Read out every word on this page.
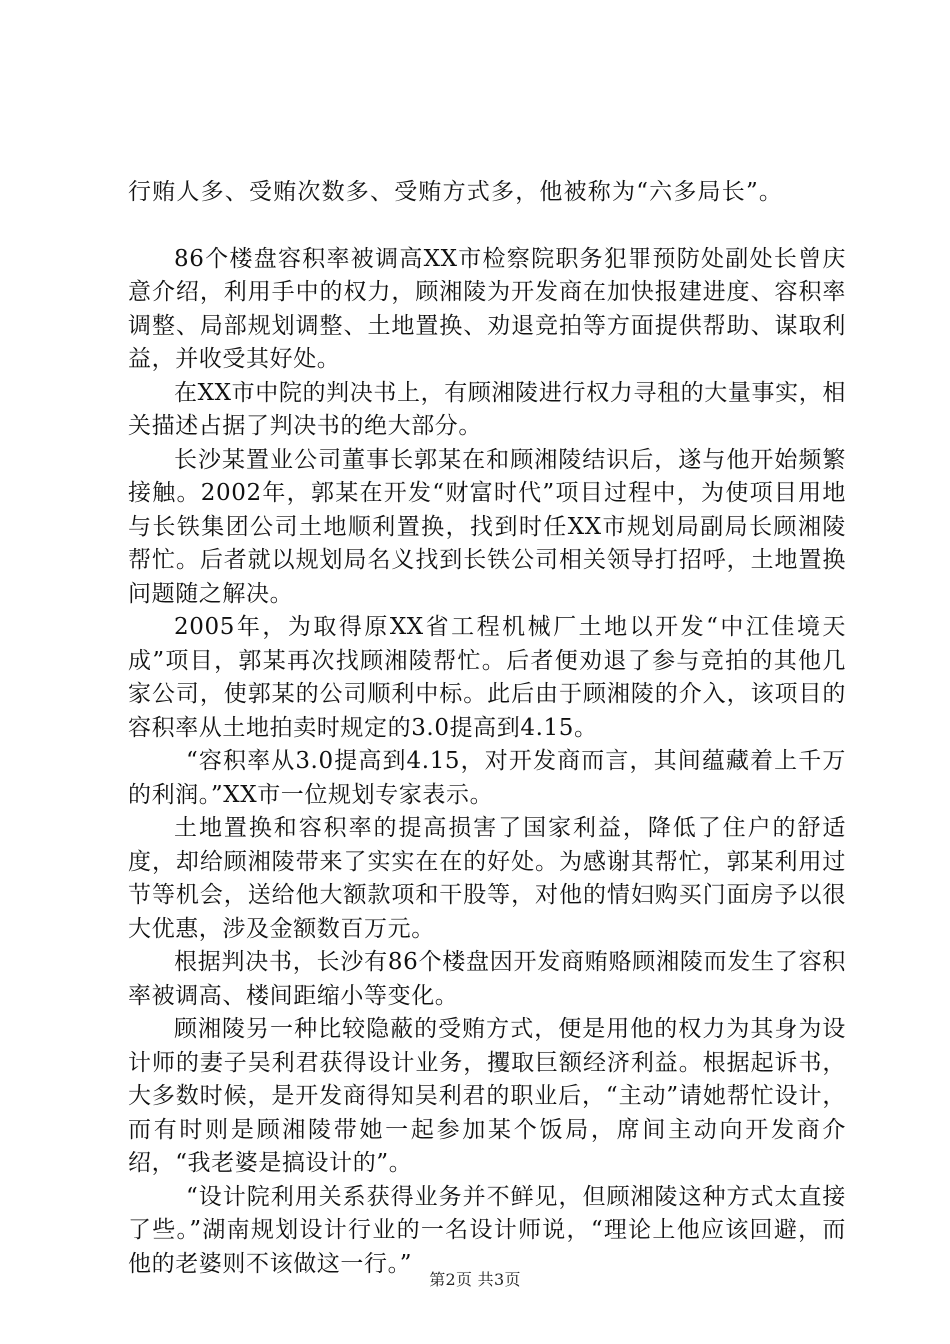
行贿人多、受贿次数多、受贿方式多，他被称为“六多局长”。

86个楼盘容积率被调高XX市检察院职务犯罪预防处副处长曾庆意介绍，利用手中的权力，顾湘陵为开发商在加快报建进度、容积率调整、局部规划调整、土地置换、劝退竞拍等方面提供帮助、谋取利益，并收受其好处。

在XX市中院的判决书上，有顾湘陵进行权力寻租的大量事实，相关描述占据了判决书的绝大部分。

长沙某置业公司董事长郭某在和顾湘陵结识后，遂与他开始频繁接触。2002年，郭某在开发“财富时代”项目过程中，为使项目用地与长铁集团公司土地顺利置换，找到时任XX市规划局副局长顾湘陵帮忙。后者就以规划局名义找到长铁公司相关领导打招呼，土地置换问题随之解决。

2005年，为取得原XX省工程机械厂土地以开发“中江佳境天成”项目，郭某再次找顾湘陵帮忙。后者便劝退了参与竞拍的其他几家公司，使郭某的公司顺利中标。此后由于顾湘陵的介入，该项目的容积率从土地拍卖时规定的3.0提高到4.15。

“容积率从3.0提高到4.15，对开发商而言，其间蕴藏着上千万的利润。”XX市一位规划专家表示。

土地置换和容积率的提高损害了国家利益，降低了住户的舒适度，却给顾湘陵带来了实实在在的好处。为感谢其帮忙，郭某利用过节等机会，送给他大额款项和干股等，对他的情妇购买门面房予以很大优惠，涉及金额数百万元。

根据判决书，长沙有86个楼盘因开发商贿赂顾湘陵而发生了容积率被调高、楼间距缩小等变化。

顾湘陵另一种比较隐蔽的受贿方式，便是用他的权力为其身为设计师的妻子吴利君获得设计业务，攫取巨额经济利益。根据起诉书，大多数时候，是开发商得知吴利君的职业后，“主动”请她帮忙设计，而有时则是顾湘陵带她一起参加某个饭局，席间主动向开发商介绍，“我老婆是搞设计的”。

“设计院利用关系获得业务并不鲜见，但顾湘陵这种方式太直接了些。”湖南规划设计行业的一名设计师说，“理论上他应该回避，而他的老婆则不该做这一行。”

第2页 共3页
